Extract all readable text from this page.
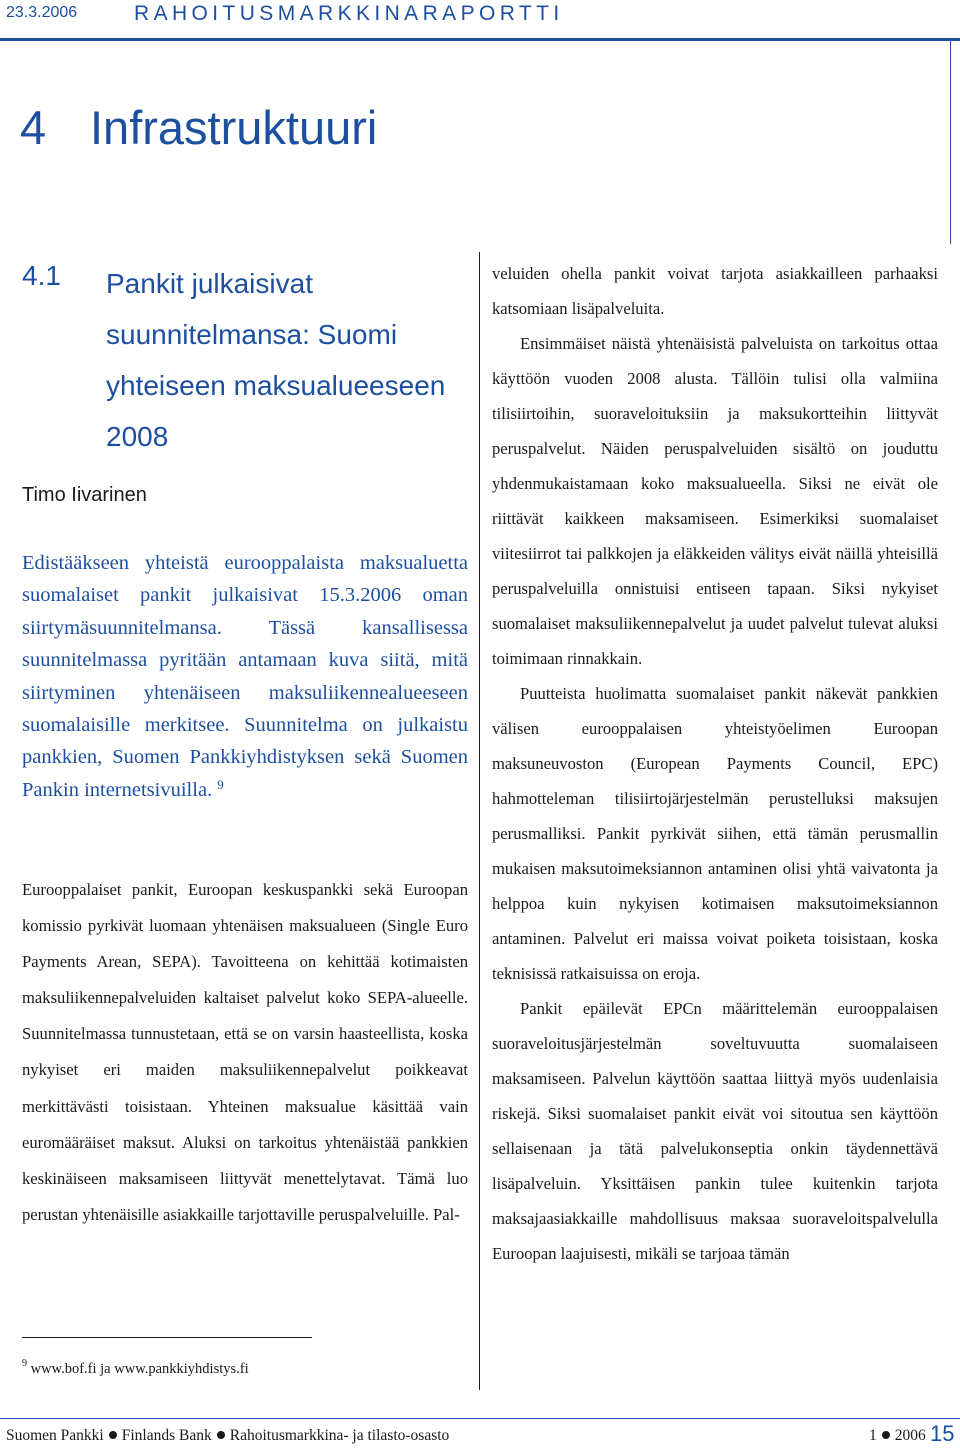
23.3.2006	RAHOITUSMARKKINARAPORTTI
4 Infrastruktuuri
4.1 Pankit julkaisivat suunnitelmansa: Suomi yhteiseen maksualueeseen 2008
Timo Iivarinen
Edistääkseen yhteistä eurooppalaista maksualuetta suomalaiset pankit julkaisivat 15.3.2006 oman siirtymäsuunnitelmansa. Tässä kansallisessa suunnitelmassa pyritään antamaan kuva siitä, mitä siirtyminen yhtenäiseen maksuliikennealueeseen suomalaisille merkitsee. Suunnitelma on julkaistu pankkien, Suomen Pankkiyhdistyksen sekä Suomen Pankin internetsivuilla. $^9$

Eurooppalaiset pankit, Euroopan keskuspankki sekä Euroopan komissio pyrkivät luomaan yhtenäisen maksualueen (Single Euro Payments Arean, SEPA). Tavoitteena on kehittää kotimaisten maksuliikennepalveluiden kaltaiset palvelut koko SEPA-alueelle. Suunnitelmassa tunnustetaan, että se on varsin haasteellista, koska nykyiset eri maiden maksuliikennepalvelut poikkeavat merkittävästi toisistaan. Yhteinen maksualue käsittää vain euromääräiset maksut. Aluksi on tarkoitus yhtenäistää pankkien keskinäiseen maksamiseen liittyvät menettelytavat. Tämä luo perustan yhtenäisille asiakkaille tarjottaville peruspalveluille. Pal-

$^9$ www.bof.fi ja www.pankkiyhdistys.fi

veluiden ohella pankit voivat tarjota asiakkailleen parhaaksi katsomiaan lisäpalveluita.

Ensimmäiset näistä yhtenäisistä palveluista on tarkoitus ottaa käyttöön vuoden 2008 alusta. Tällöin tulisi olla valmiina tilisiirtoihin, suoraveloituksiin ja maksukortteihin liittyvät peruspalvelut. Näiden peruspalveluiden sisältö on jouduttu yhdenmukaistamaan koko maksualueella. Siksi ne eivät ole riittävät kaikkeen maksamiseen. Esimerkiksi suomalaiset viitesiirrot tai palkkojen ja eläkkeiden välitys eivät näillä yhteisillä peruspalveluilla onnistuisi entiseen tapaan. Siksi nykyiset suomalaiset maksuliikennepalvelut ja uudet palvelut tulevat aluksi toimimaan rinnakkain.

Puutteista huolimatta suomalaiset pankit näkevät pankkien välisen eurooppalaisen yhteistyöelimen Euroopan maksuneuvoston (European Payments Council, EPC) hahmotteleman tilisiirtojärjestelmän perustelluksi maksujen perusmalliksi. Pankit pyrkivät siihen, että tämän perusmallin mukaisen maksutoimeksiannon antaminen olisi yhtä vaivatonta ja helppoa kuin nykyisen kotimaisen maksutoimeksiannon antaminen. Palvelut eri maissa voivat poiketa toisistaan, koska teknisissä ratkaisuissa on eroja.

Pankit epäilevät EPCn määrittelemän eurooppalaisen suoraveloitusjärjestelmän soveltuvuutta suomalaiseen maksamiseen. Palvelun käyttöön saattaa liittyä myös uudenlaisia riskejä. Siksi suomalaiset pankit eivät voi sitoutua sen käyttöön sellaisenaan ja tätä palvelukonseptia onkin täydennettävä lisäpalveluin. Yksittäisen pankin tulee kuitenkin tarjota maksajaasiakkaille mahdollisuus maksaa suoraveloitspalvelulla Euroopan laajuisesti, mikäli se tarjoaa tämän

Suomen Pankki Finlands Bank Rahoitusmarkkina- ja tilasto-osasto	1 2006 15
